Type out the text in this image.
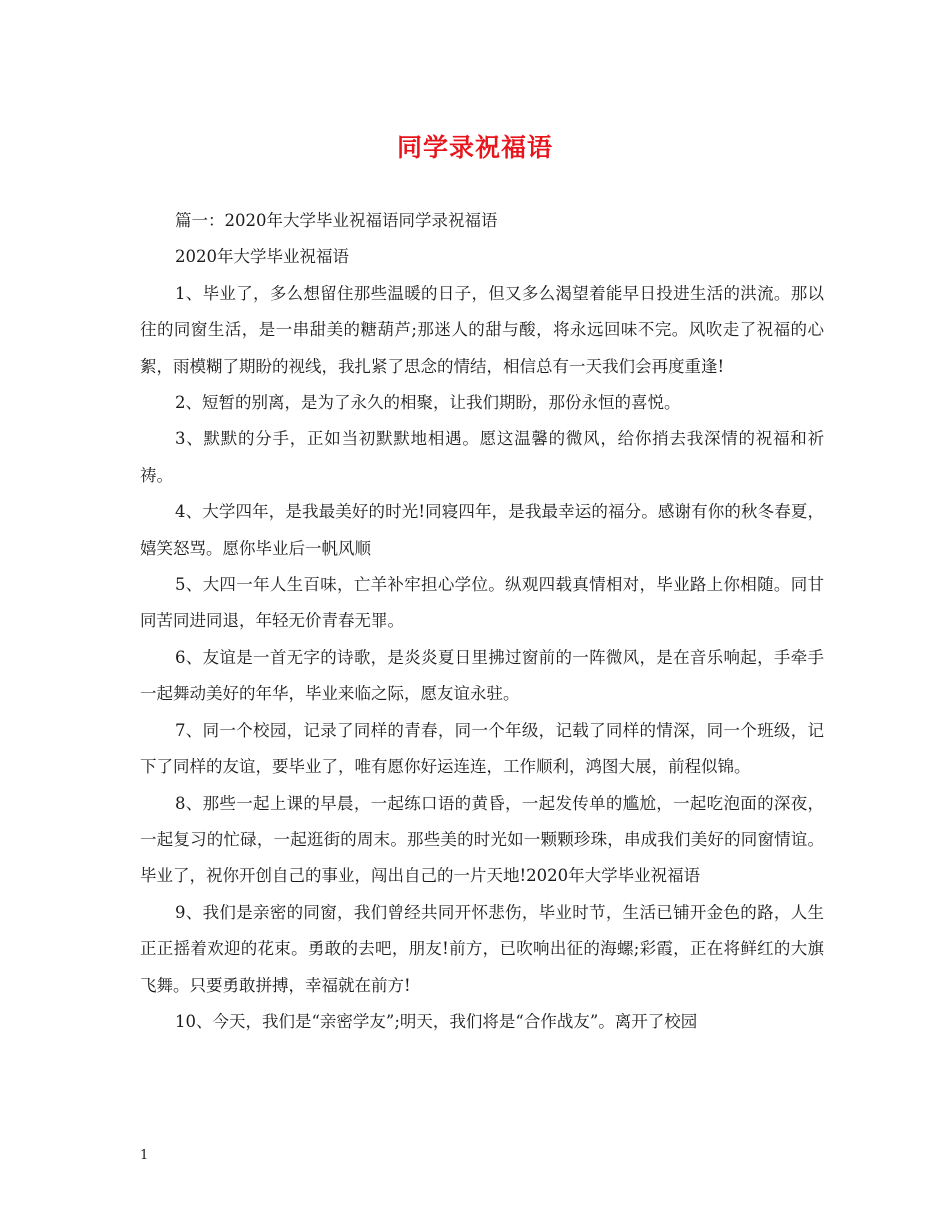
同学录祝福语

篇一：2020年大学毕业祝福语同学录祝福语

2020年大学毕业祝福语

1、毕业了，多么想留住那些温暖的日子，但又多么渴望着能早日投进生活的洪流。那以往的同窗生活，是一串甜美的糖葫芦;那迷人的甜与酸，将永远回味不完。风吹走了祝福的心絮，雨模糊了期盼的视线，我扎紧了思念的情结，相信总有一天我们会再度重逢!

2、短暂的别离，是为了永久的相聚，让我们期盼，那份永恒的喜悦。

3、默默的分手，正如当初默默地相遇。愿这温馨的微风，给你捎去我深情的祝福和祈祷。

4、大学四年，是我最美好的时光!同寝四年，是我最幸运的福分。感谢有你的秋冬春夏，嬉笑怒骂。愿你毕业后一帆风顺

5、大四一年人生百味，亡羊补牢担心学位。纵观四载真情相对，毕业路上你相随。同甘同苦同进同退，年轻无价青春无罪。

6、友谊是一首无字的诗歌，是炎炎夏日里拂过窗前的一阵微风，是在音乐响起，手牵手一起舞动美好的年华，毕业来临之际，愿友谊永驻。

7、同一个校园，记录了同样的青春，同一个年级，记载了同样的情深，同一个班级，记下了同样的友谊，要毕业了，唯有愿你好运连连，工作顺利，鸿图大展，前程似锦。

8、那些一起上课的早晨，一起练口语的黄昏，一起发传单的尴尬，一起吃泡面的深夜，一起复习的忙碌，一起逛街的周末。那些美的时光如一颗颗珍珠，串成我们美好的同窗情谊。毕业了，祝你开创自己的事业，闯出自己的一片天地!2020年大学毕业祝福语

9、我们是亲密的同窗，我们曾经共同开怀悲伤，毕业时节，生活已铺开金色的路，人生正正摇着欢迎的花束。勇敢的去吧，朋友!前方，已吹响出征的海螺;彩霞，正在将鲜红的大旗飞舞。只要勇敢拼搏，幸福就在前方!

10、今天，我们是“亲密学友”;明天，我们将是“合作战友”。离开了校园

1
